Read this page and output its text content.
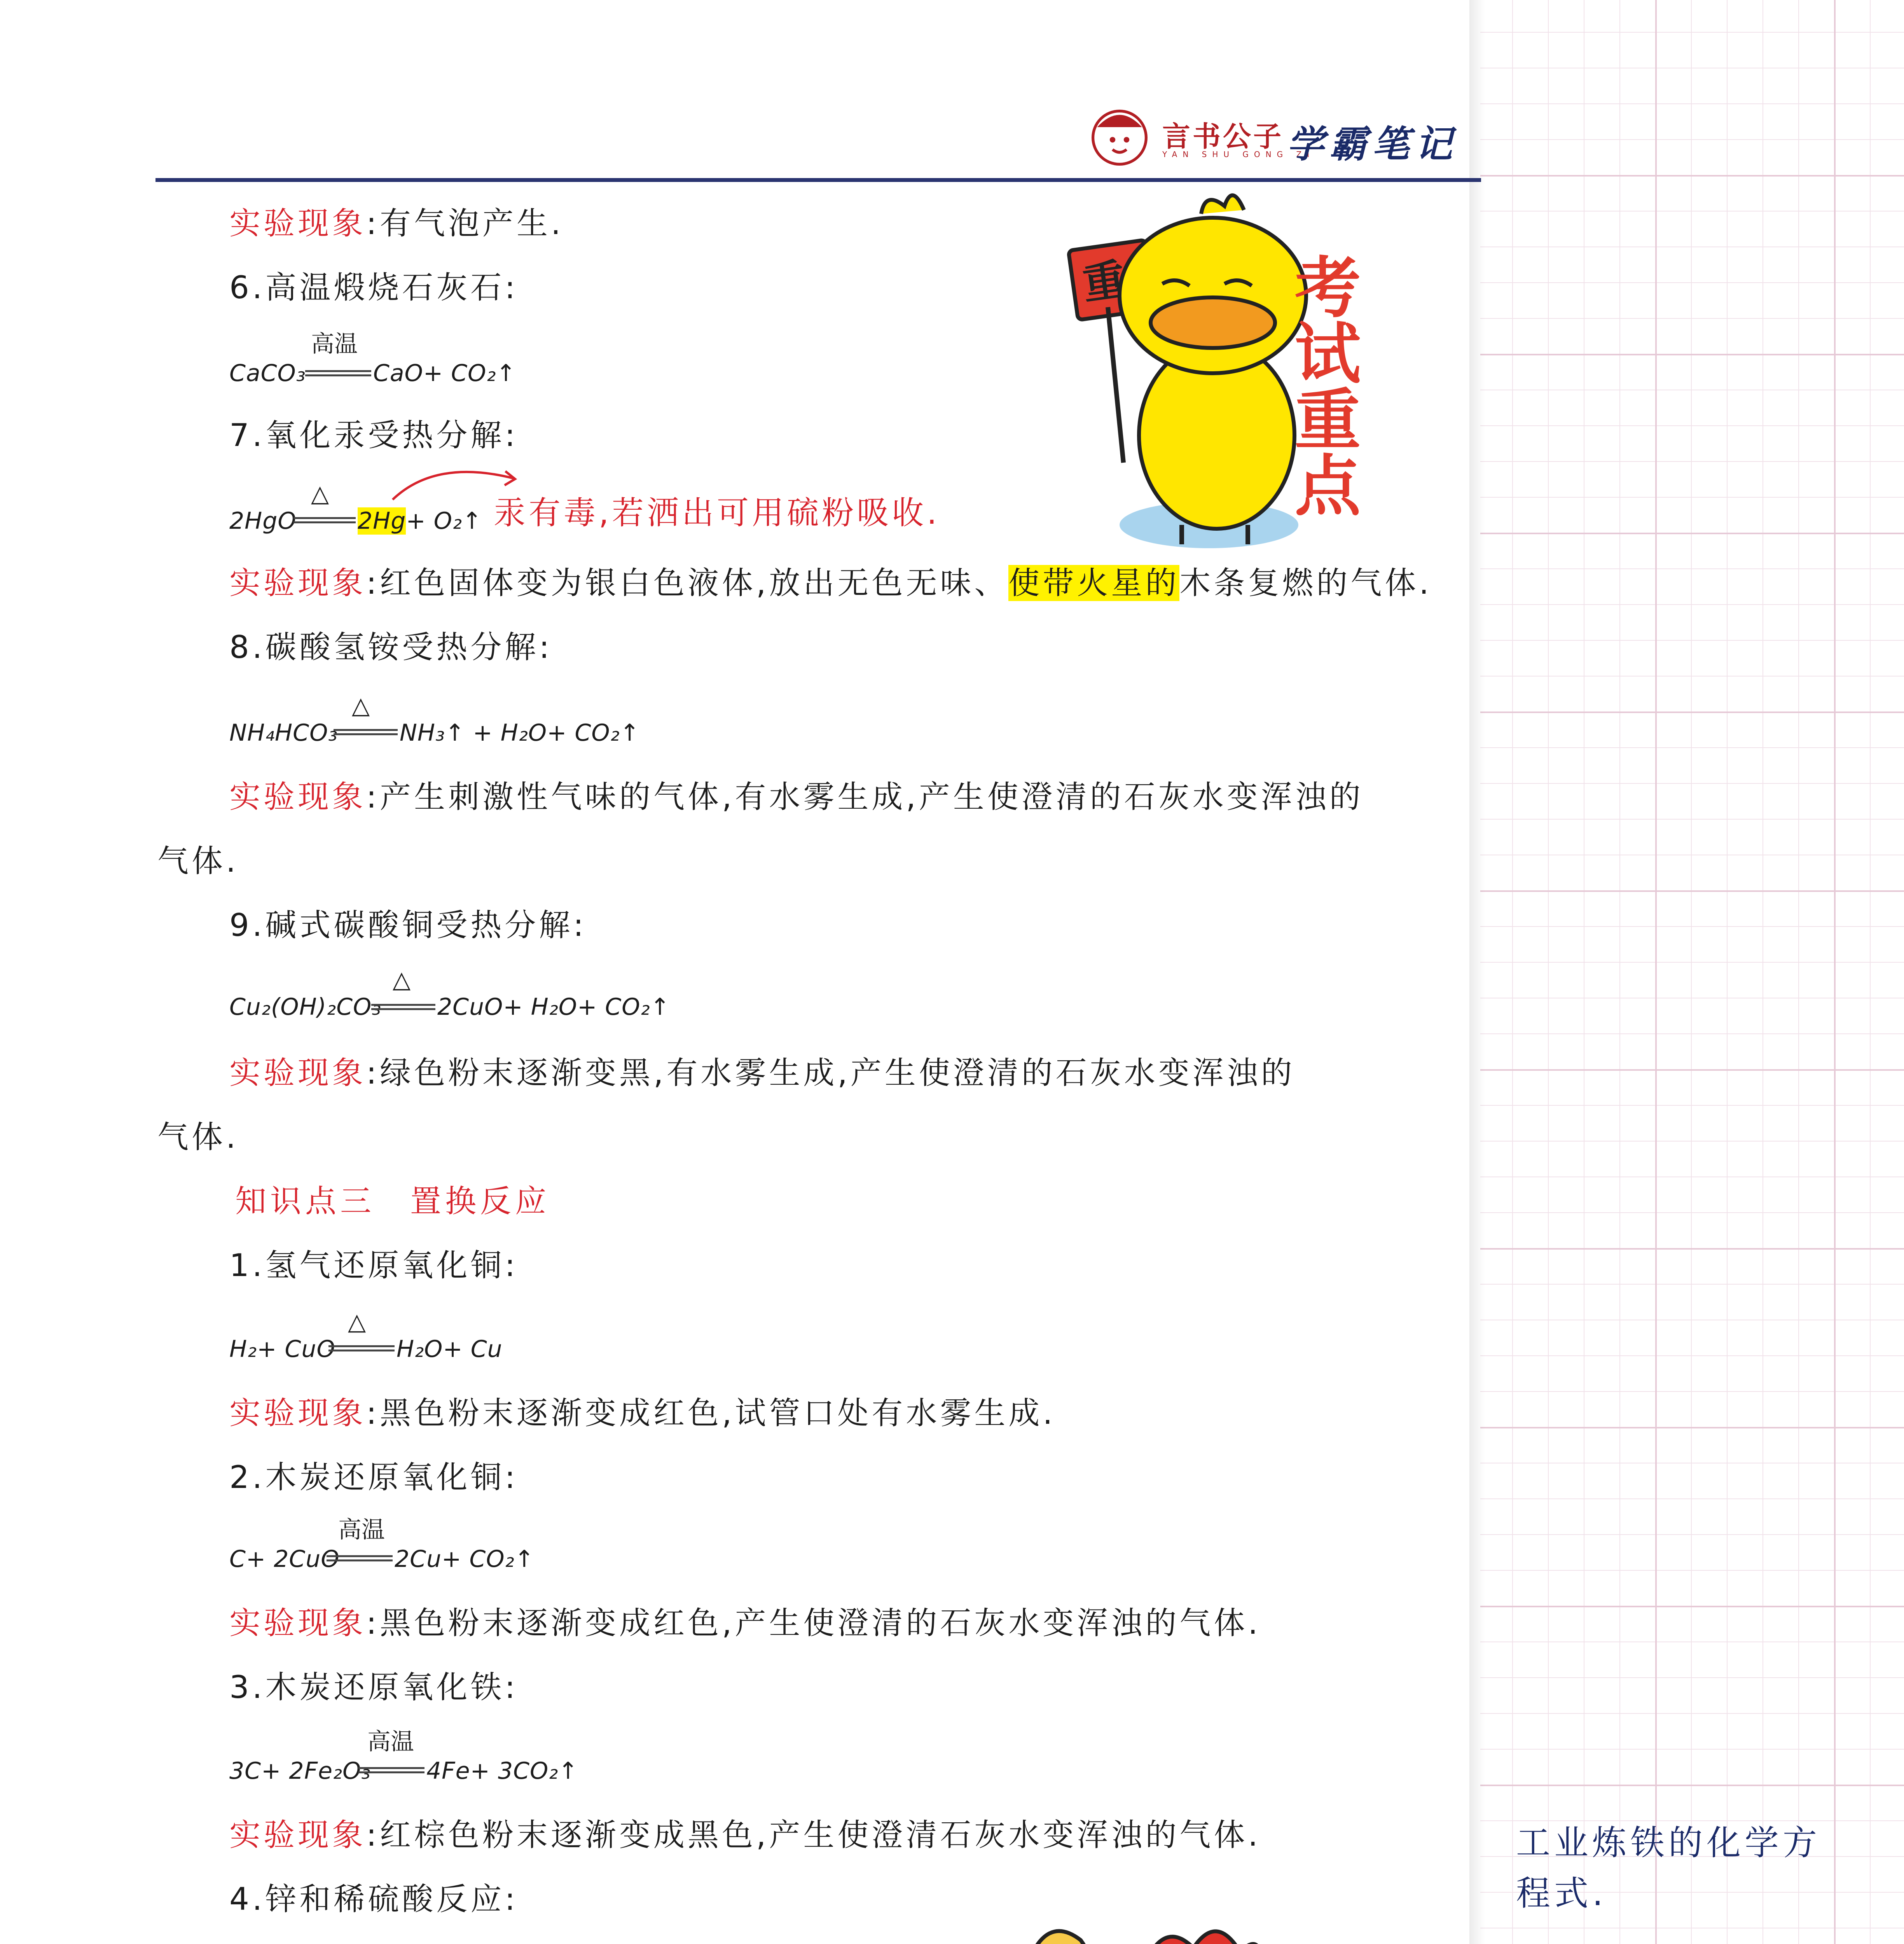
言书公子
YAN SHU GONG ZI
学霸笔记
实验现象:有气泡产生.
6.高温煅烧石灰石:
CaCO₃
高温
CaO+ CO₂↑
7.氧化汞受热分解:
2HgO
△
2Hg+ O₂↑ 汞有毒,若洒出可用硫粉吸收.
实验现象:红色固体变为银白色液体,放出无色无味、使带火星的木条复燃的气体.
8.碳酸氢铵受热分解:
NH₄HCO₃
△
NH₃↑ + H₂O+ CO₂↑
实验现象:产生刺激性气味的气体,有水雾生成,产生使澄清的石灰水变浑浊的
气体.
9.碱式碳酸铜受热分解:
Cu₂(OH)₂CO₃
△
2CuO+ H₂O+ CO₂↑
实验现象:绿色粉末逐渐变黑,有水雾生成,产生使澄清的石灰水变浑浊的
气体.
知识点三　置换反应
1.氢气还原氧化铜:
H₂+ CuO
△
H₂O+ Cu
实验现象:黑色粉末逐渐变成红色,试管口处有水雾生成.
2.木炭还原氧化铜:
C+ 2CuO
高温
2Cu+ CO₂↑
实验现象:黑色粉末逐渐变成红色,产生使澄清的石灰水变浑浊的气体.
3.木炭还原氧化铁:
3C+ 2Fe₂O₃
高温
4Fe+ 3CO₂↑
实验现象:红棕色粉末逐渐变成黑色,产生使澄清石灰水变浑浊的气体.
4.锌和稀硫酸反应:
工业炼铁的化学方程式.
考试重点
